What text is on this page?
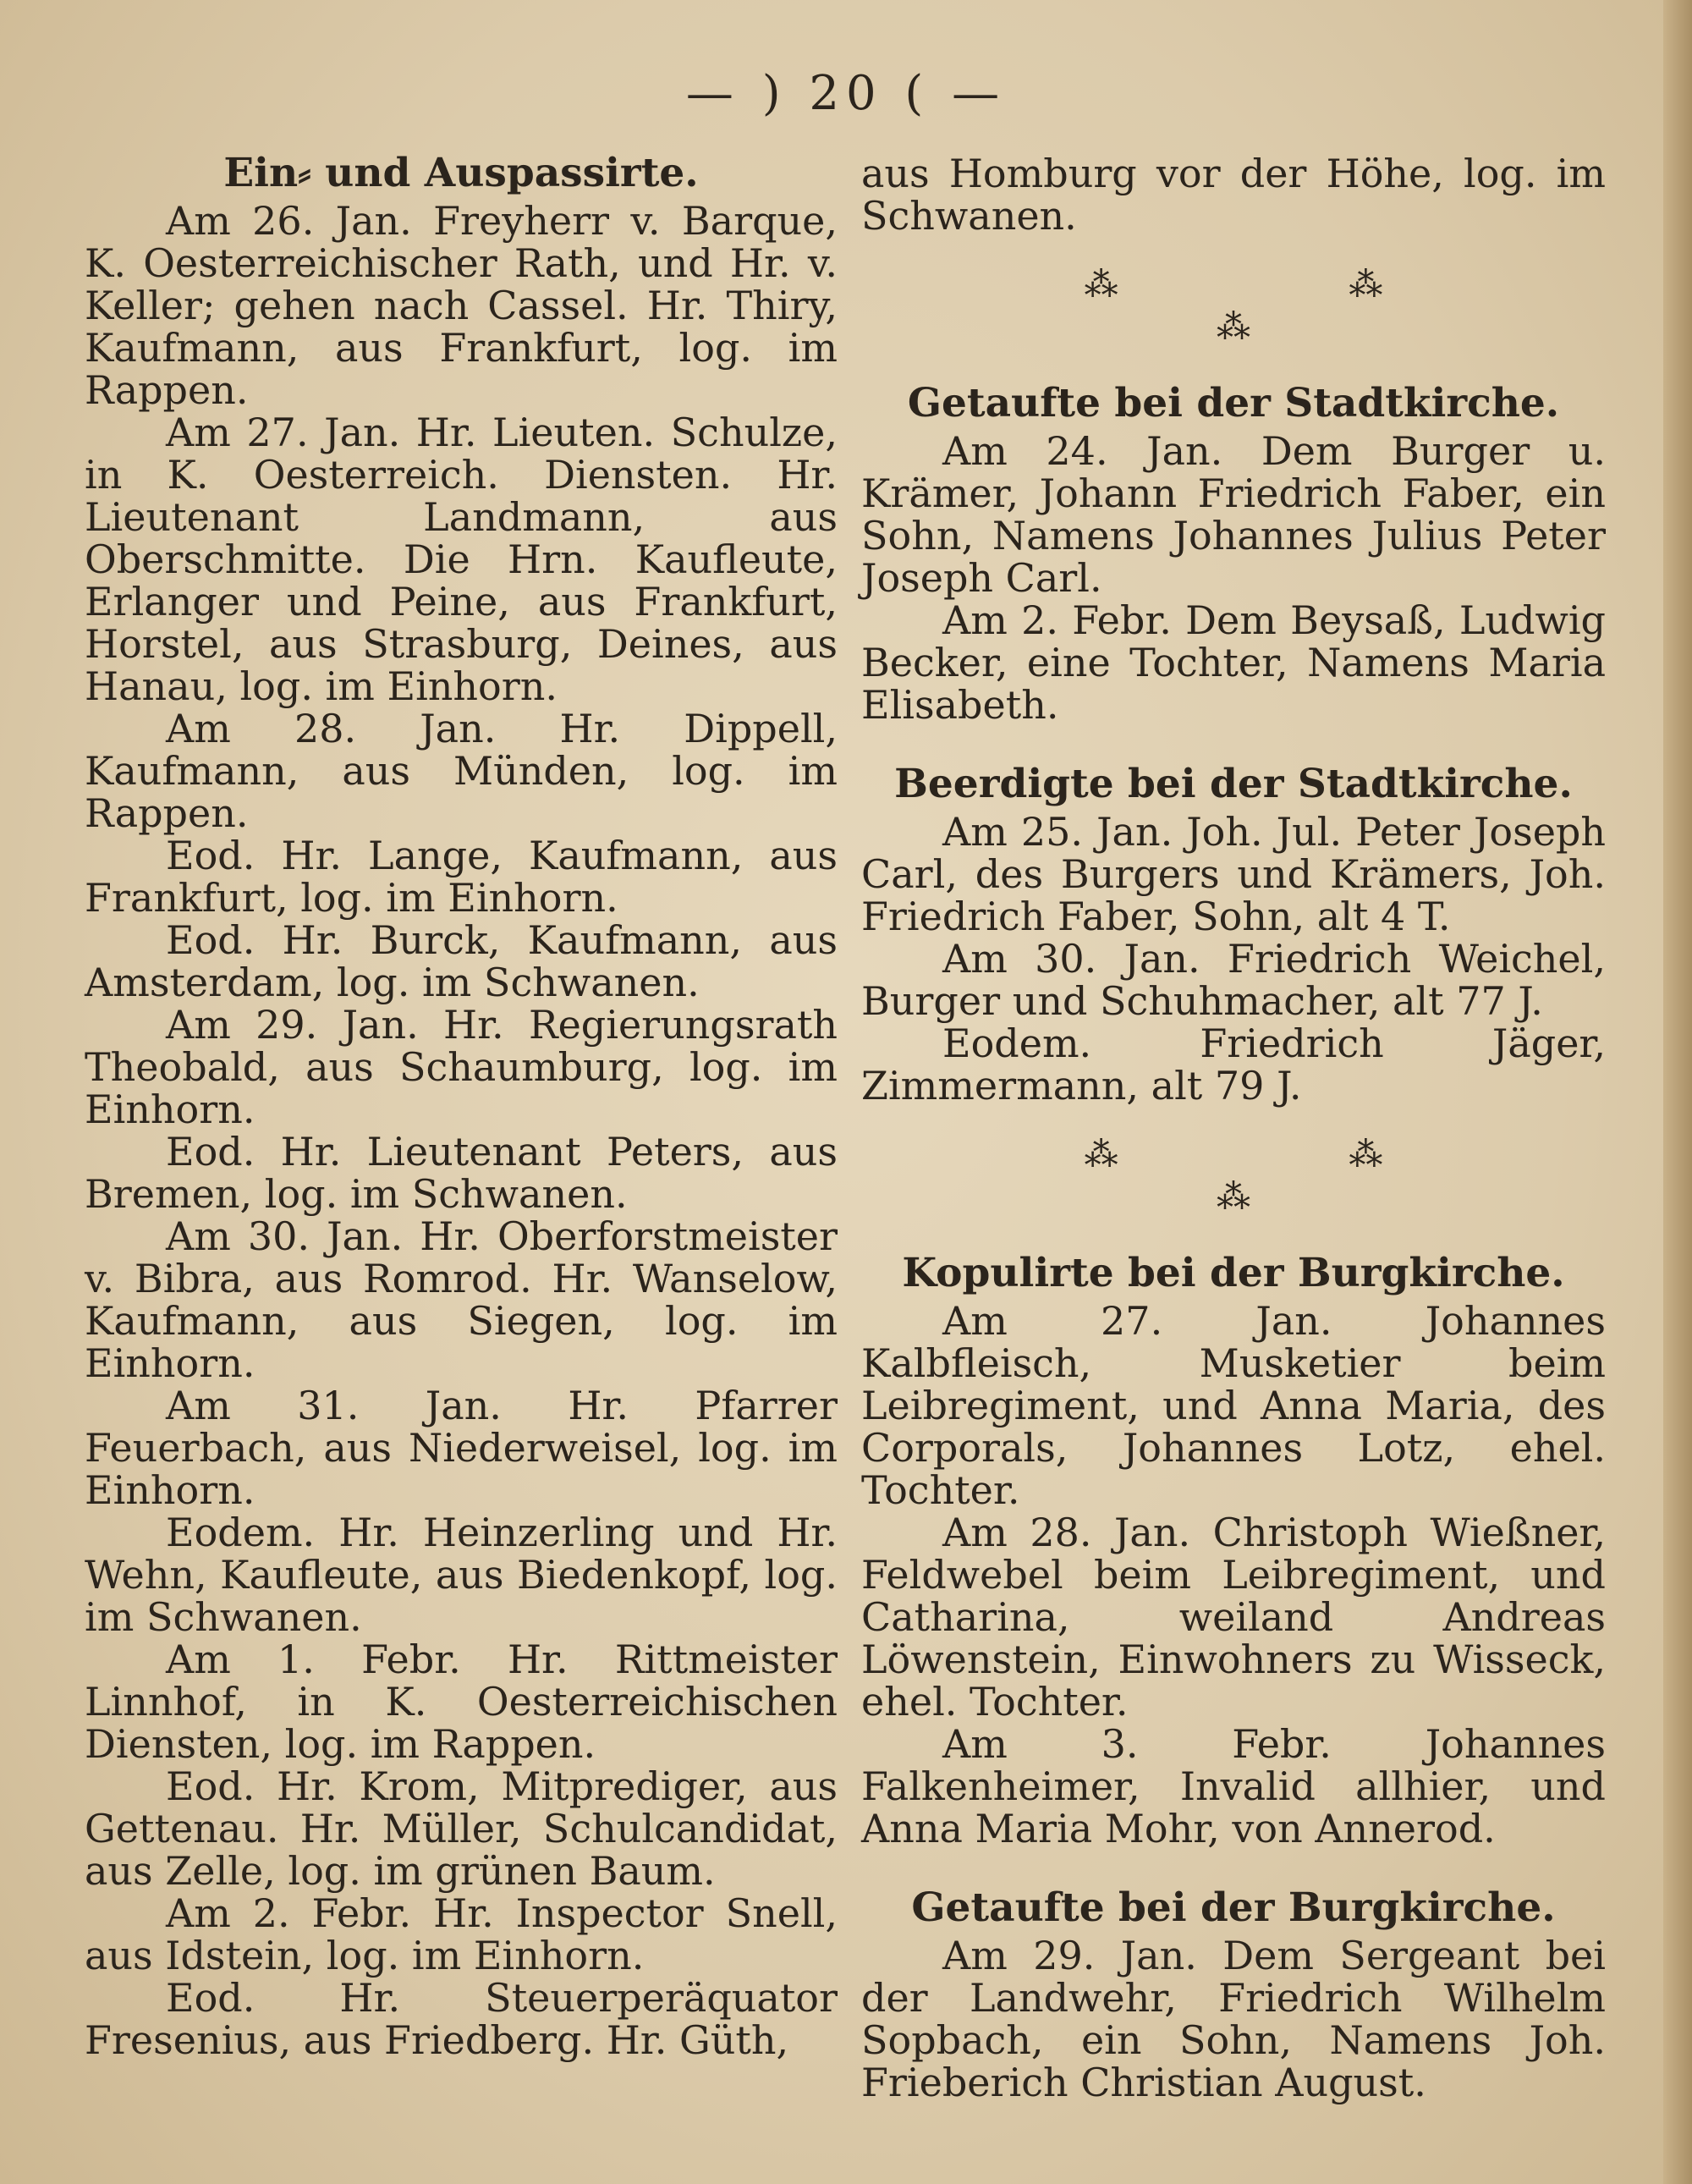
— ) 20 ( —
Ein⸗ und Auspassirte.

Am 26. Jan. Freyherr v. Barque, K. Oesterreichischer Rath, und Hr. v. Keller; gehen nach Cassel. Hr. Thiry, Kaufmann, aus Frankfurt, log. im Rappen.

Am 27. Jan. Hr. Lieuten. Schulze, in K. Oesterreich. Diensten. Hr. Lieutenant Landmann, aus Oberschmitte. Die Hrn. Kaufleute, Erlanger und Peine, aus Frankfurt, Horstel, aus Strasburg, Deines, aus Hanau, log. im Einhorn.

Am 28. Jan. Hr. Dippell, Kaufmann, aus Münden, log. im Rappen.

Eod. Hr. Lange, Kaufmann, aus Frankfurt, log. im Einhorn.

Eod. Hr. Burck, Kaufmann, aus Amsterdam, log. im Schwanen.

Am 29. Jan. Hr. Regierungsrath Theobald, aus Schaumburg, log. im Einhorn.

Eod. Hr. Lieutenant Peters, aus Bremen, log. im Schwanen.

Am 30. Jan. Hr. Oberforstmeister v. Bibra, aus Romrod. Hr. Wanselow, Kaufmann, aus Siegen, log. im Einhorn.

Am 31. Jan. Hr. Pfarrer Feuerbach, aus Niederweisel, log. im Einhorn.

Eodem. Hr. Heinzerling und Hr. Wehn, Kaufleute, aus Biedenkopf, log. im Schwanen.

Am 1. Febr. Hr. Rittmeister Linnhof, in K. Oesterreichischen Diensten, log. im Rappen.

Eod. Hr. Krom, Mitprediger, aus Gettenau. Hr. Müller, Schulcandidat, aus Zelle, log. im grünen Baum.

Am 2. Febr. Hr. Inspector Snell, aus Idstein, log. im Einhorn.

Eod. Hr. Steuerperäquator Fresenius, aus Friedberg. Hr. Güth,

aus Homburg vor der Höhe, log. im Schwanen.

⁂ ⁂ ⁂
Getaufte bei der Stadtkirche.

Am 24. Jan. Dem Burger u. Krämer, Johann Friedrich Faber, ein Sohn, Namens Johannes Julius Peter Joseph Carl.

Am 2. Febr. Dem Beysaß, Ludwig Becker, eine Tochter, Namens Maria Elisabeth.

Beerdigte bei der Stadtkirche.

Am 25. Jan. Joh. Jul. Peter Joseph Carl, des Burgers und Krämers, Joh. Friedrich Faber, Sohn, alt 4 T.

Am 30. Jan. Friedrich Weichel, Burger und Schuhmacher, alt 77 J.

Eodem. Friedrich Jäger, Zimmermann, alt 79 J.

⁂ ⁂ ⁂
Kopulirte bei der Burgkirche.

Am 27. Jan. Johannes Kalbfleisch, Musketier beim Leibregiment, und Anna Maria, des Corporals, Johannes Lotz, ehel. Tochter.

Am 28. Jan. Christoph Wießner, Feldwebel beim Leibregiment, und Catharina, weiland Andreas Löwenstein, Einwohners zu Wisseck, ehel. Tochter.

Am 3. Febr. Johannes Falkenheimer, Invalid allhier, und Anna Maria Mohr, von Annerod.

Getaufte bei der Burgkirche.

Am 29. Jan. Dem Sergeant bei der Landwehr, Friedrich Wilhelm Sopbach, ein Sohn, Namens Joh. Frieberich Christian August.
